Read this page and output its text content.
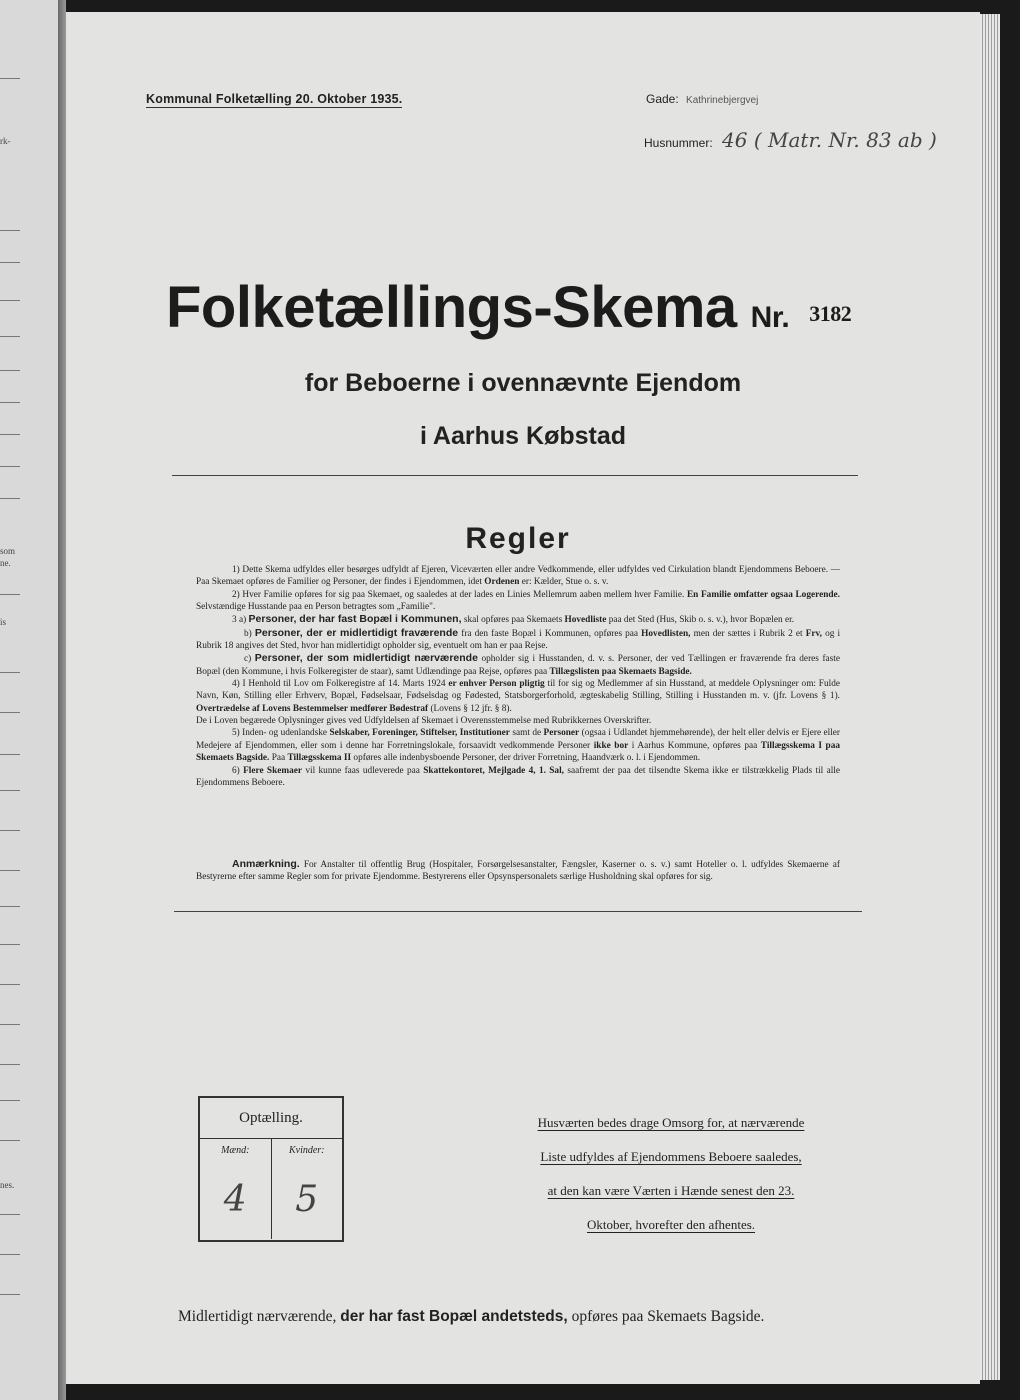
rk-
som
ne.
is
nes.
Kommunal Folketælling 20. Oktober 1935.	Gade: Kathrinebjergvej
Husnummer: 46 ( Matr. Nr. 83 ab )
Folketællings-Skema Nr. 3182
for Beboerne i ovennævnte Ejendom
i Aarhus Købstad
Regler

1) Dette Skema udfyldes eller besørges udfyldt af Ejeren, Viceværten eller andre Vedkommende, eller udfyldes ved Cirkulation blandt Ejendommens Beboere. — Paa Skemaet opføres de Familier og Personer, der findes i Ejendommen, idet Ordenen er: Kælder, Stue o. s. v.

2) Hver Familie opføres for sig paa Skemaet, og saaledes at der lades en Linies Mellemrum aaben mellem hver Familie. En Familie omfatter ogsaa Logerende. Selvstændige Husstande paa en Person betragtes som „Familie".

3 a) Personer, der har fast Bopæl i Kommunen, skal opføres paa Skemaets Hovedliste paa det Sted (Hus, Skib o. s. v.), hvor Bopælen er.

b) Personer, der er midlertidigt fraværende fra den faste Bopæl i Kommunen, opføres paa Hovedlisten, men der sættes i Rubrik 2 et Frv, og i Rubrik 18 angives det Sted, hvor han midlertidigt opholder sig, eventuelt om han er paa Rejse.

c) Personer, der som midlertidigt nærværende opholder sig i Husstanden, d. v. s. Personer, der ved Tællingen er fraværende fra deres faste Bopæl (den Kommune, i hvis Folkeregister de staar), samt Udlændinge paa Rejse, opføres paa Tillægslisten paa Skemaets Bagside.

4) I Henhold til Lov om Folkeregistre af 14. Marts 1924 er enhver Person pligtig til for sig og Medlemmer af sin Husstand, at meddele Oplysninger om: Fulde Navn, Køn, Stilling eller Erhverv, Bopæl, Fødselsaar, Fødselsdag og Fødested, Statsborgerforhold, ægteskabelig Stilling, Stilling i Husstanden m. v. (jfr. Lovens § 1). Overtrædelse af Lovens Bestemmelser medfører Bødestraf (Lovens § 12 jfr. § 8).
De i Loven begærede Oplysninger gives ved Udfyldelsen af Skemaet i Overensstemmelse med Rubrikkernes Overskrifter.

5) Inden- og udenlandske Selskaber, Foreninger, Stiftelser, Institutioner samt de Personer (ogsaa i Udlandet hjemmehørende), der helt eller delvis er Ejere eller Medejere af Ejendommen, eller som i denne har Forretningslokale, forsaavidt vedkommende Personer ikke bor i Aarhus Kommune, opføres paa Tillægsskema I paa Skemaets Bagside. Paa Tillægsskema II opføres alle indenbysboende Personer, der driver Forretning, Haandværk o. l. i Ejendommen.

6) Flere Skemaer vil kunne faas udleverede paa Skattekontoret, Mejlgade 4, 1. Sal, saafremt der paa det tilsendte Skema ikke er tilstrækkelig Plads til alle Ejendommens Beboere.

Anmærkning. For Anstalter til offentlig Brug (Hospitaler, Forsørgelsesanstalter, Fængsler, Kaserner o. s. v.) samt Hoteller o. l. udfyldes Skemaerne af Bestyrerne efter samme Regler som for private Ejendomme. Bestyrerens eller Opsynspersonalets særlige Husholdning skal opføres for sig.

Optælling.
Mænd:
4
Kvinder:
5
Husværten bedes drage Omsorg for, at nærværende
Liste udfyldes af Ejendommens Beboere saaledes,
at den kan være Værten i Hænde senest den 23.
Oktober, hvorefter den afhentes.
Midlertidigt nærværende, der har fast Bopæl andetsteds, opføres paa Skemaets Bagside.
